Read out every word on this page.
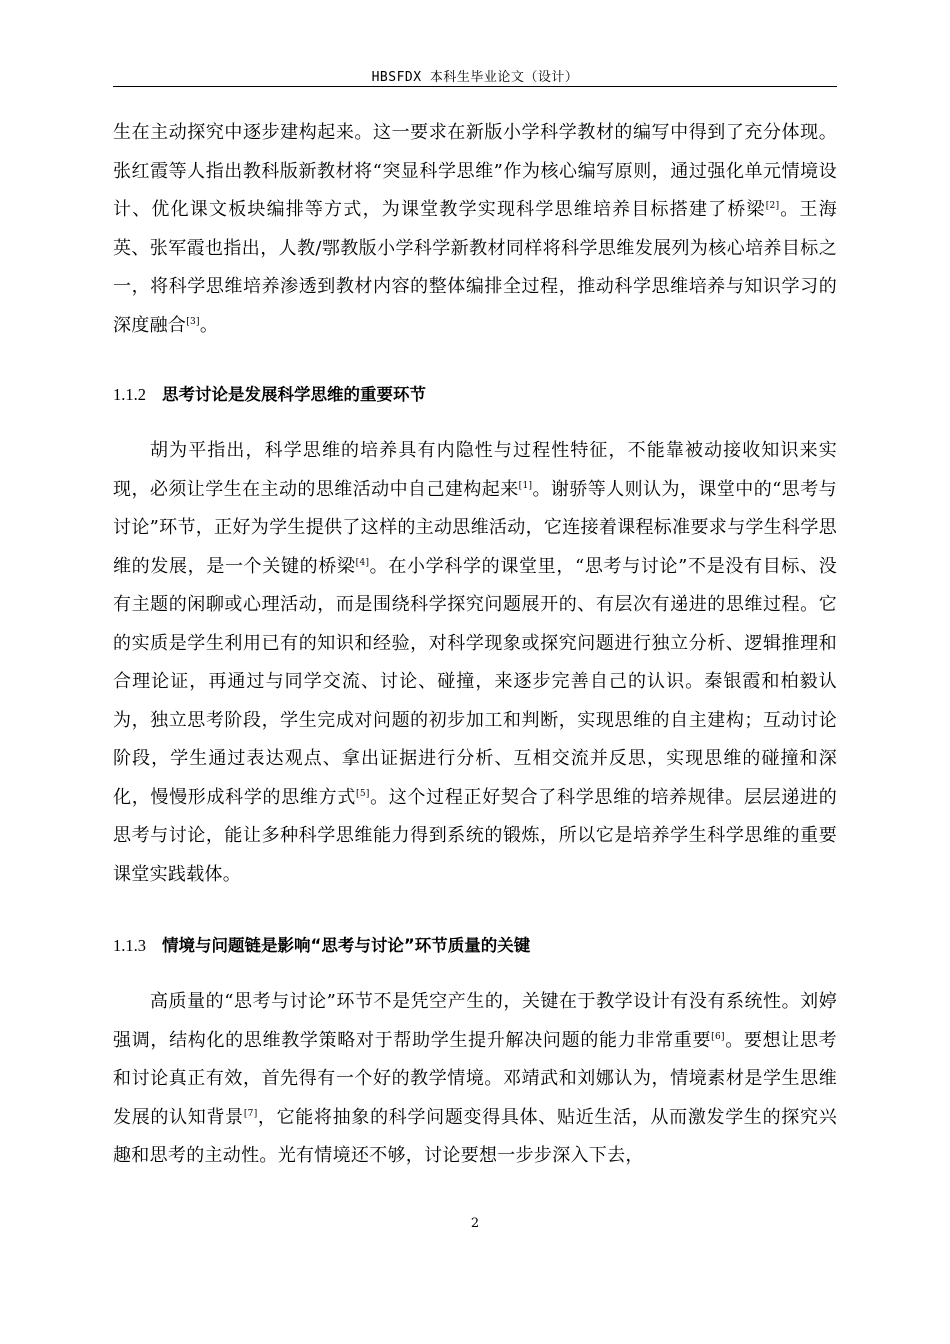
HBSFDX 本科生毕业论文（设计）

生在主动探究中逐步建构起来。这一要求在新版小学科学教材的编写中得到了充分体现。张红霞等人指出教科版新教材将“突显科学思维”作为核心编写原则，通过强化单元情境设计、优化课文板块编排等方式，为课堂教学实现科学思维培养目标搭建了桥梁[2]。王海英、张军霞也指出，人教/鄂教版小学科学新教材同样将科学思维发展列为核心培养目标之一，将科学思维培养渗透到教材内容的整体编排全过程，推动科学思维培养与知识学习的深度融合[3]。

1.1.2 思考讨论是发展科学思维的重要环节

胡为平指出，科学思维的培养具有内隐性与过程性特征，不能靠被动接收知识来实现，必须让学生在主动的思维活动中自己建构起来[1]。谢骄等人则认为，课堂中的“思考与讨论”环节，正好为学生提供了这样的主动思维活动，它连接着课程标准要求与学生科学思维的发展，是一个关键的桥梁[4]。在小学科学的课堂里，“思考与讨论”不是没有目标、没有主题的闲聊或心理活动，而是围绕科学探究问题展开的、有层次有递进的思维过程。它的实质是学生利用已有的知识和经验，对科学现象或探究问题进行独立分析、逻辑推理和合理论证，再通过与同学交流、讨论、碰撞，来逐步完善自己的认识。秦银霞和柏毅认为，独立思考阶段，学生完成对问题的初步加工和判断，实现思维的自主建构；互动讨论阶段，学生通过表达观点、拿出证据进行分析、互相交流并反思，实现思维的碰撞和深化，慢慢形成科学的思维方式[5]。这个过程正好契合了科学思维的培养规律。层层递进的思考与讨论，能让多种科学思维能力得到系统的锻炼，所以它是培养学生科学思维的重要课堂实践载体。

1.1.3 情境与问题链是影响“思考与讨论”环节质量的关键

高质量的“思考与讨论”环节不是凭空产生的，关键在于教学设计有没有系统性。刘婷强调，结构化的思维教学策略对于帮助学生提升解决问题的能力非常重要[6]。要想让思考和讨论真正有效，首先得有一个好的教学情境。邓靖武和刘娜认为，情境素材是学生思维发展的认知背景[7]，它能将抽象的科学问题变得具体、贴近生活，从而激发学生的探究兴趣和思考的主动性。光有情境还不够，讨论要想一步步深入下去，

2
